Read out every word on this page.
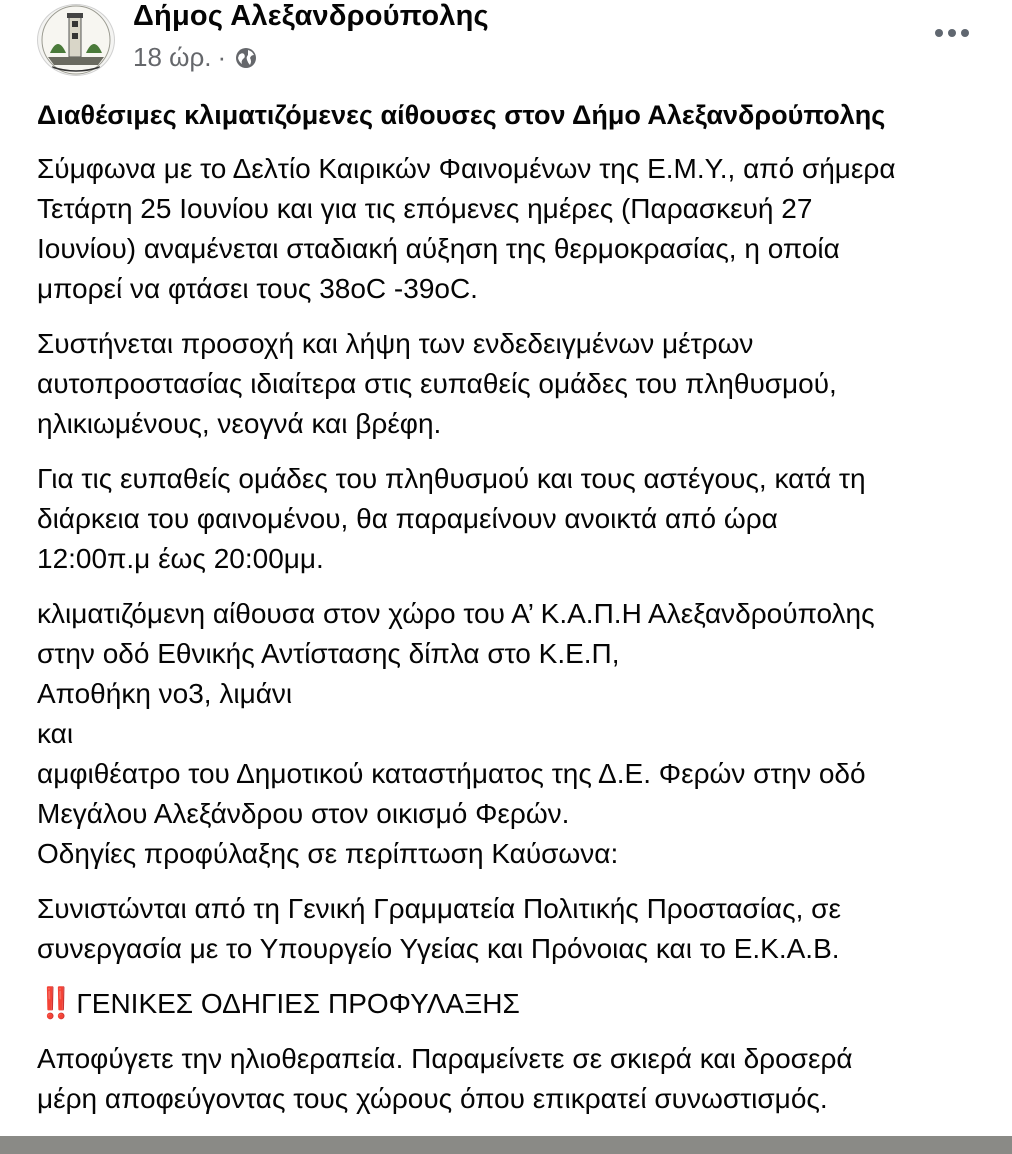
Δήμος Αλεξανδρούπολης
18 ώρ. ·

Διαθέσιμες κλιματιζόμενες αίθουσες στον Δήμο Αλεξανδρούπολης

Σύμφωνα με το Δελτίο Καιρικών Φαινομένων της Ε.Μ.Υ., από σήμερα
Τετάρτη 25 Ιουνίου και για τις επόμενες ημέρες (Παρασκευή 27
Ιουνίου) αναμένεται σταδιακή αύξηση της θερμοκρασίας, η οποία
μπορεί να φτάσει τους 38oC -39oC.

Συστήνεται προσοχή και λήψη των ενδεδειγμένων μέτρων
αυτοπροστασίας ιδιαίτερα στις ευπαθείς ομάδες του πληθυσμού,
ηλικιωμένους, νεογνά και βρέφη.

Για τις ευπαθείς ομάδες του πληθυσμού και τους αστέγους, κατά τη
διάρκεια του φαινομένου, θα παραμείνουν ανοικτά από ώρα
12:00π.μ έως 20:00μμ.

κλιματιζόμενη αίθουσα στον χώρο του Α’ Κ.Α.Π.Η Αλεξανδρούπολης
στην οδό Εθνικής Αντίστασης δίπλα στο Κ.Ε.Π,
Αποθήκη νο3, λιμάνι
και
αμφιθέατρο του Δημοτικού καταστήματος της Δ.Ε. Φερών στην οδό
Μεγάλου Αλεξάνδρου στον οικισμό Φερών.
Οδηγίες προφύλαξης σε περίπτωση Καύσωνα:

Συνιστώνται από τη Γενική Γραμματεία Πολιτικής Προστασίας, σε
συνεργασία με το Υπουργείο Υγείας και Πρόνοιας και το Ε.Κ.Α.Β.

‼️ ΓΕΝΙΚΕΣ ΟΔΗΓΙΕΣ ΠΡΟΦΥΛΑΞΗΣ

Αποφύγετε την ηλιοθεραπεία. Παραμείνετε σε σκιερά και δροσερά
μέρη αποφεύγοντας τους χώρους όπου επικρατεί συνωστισμός.
